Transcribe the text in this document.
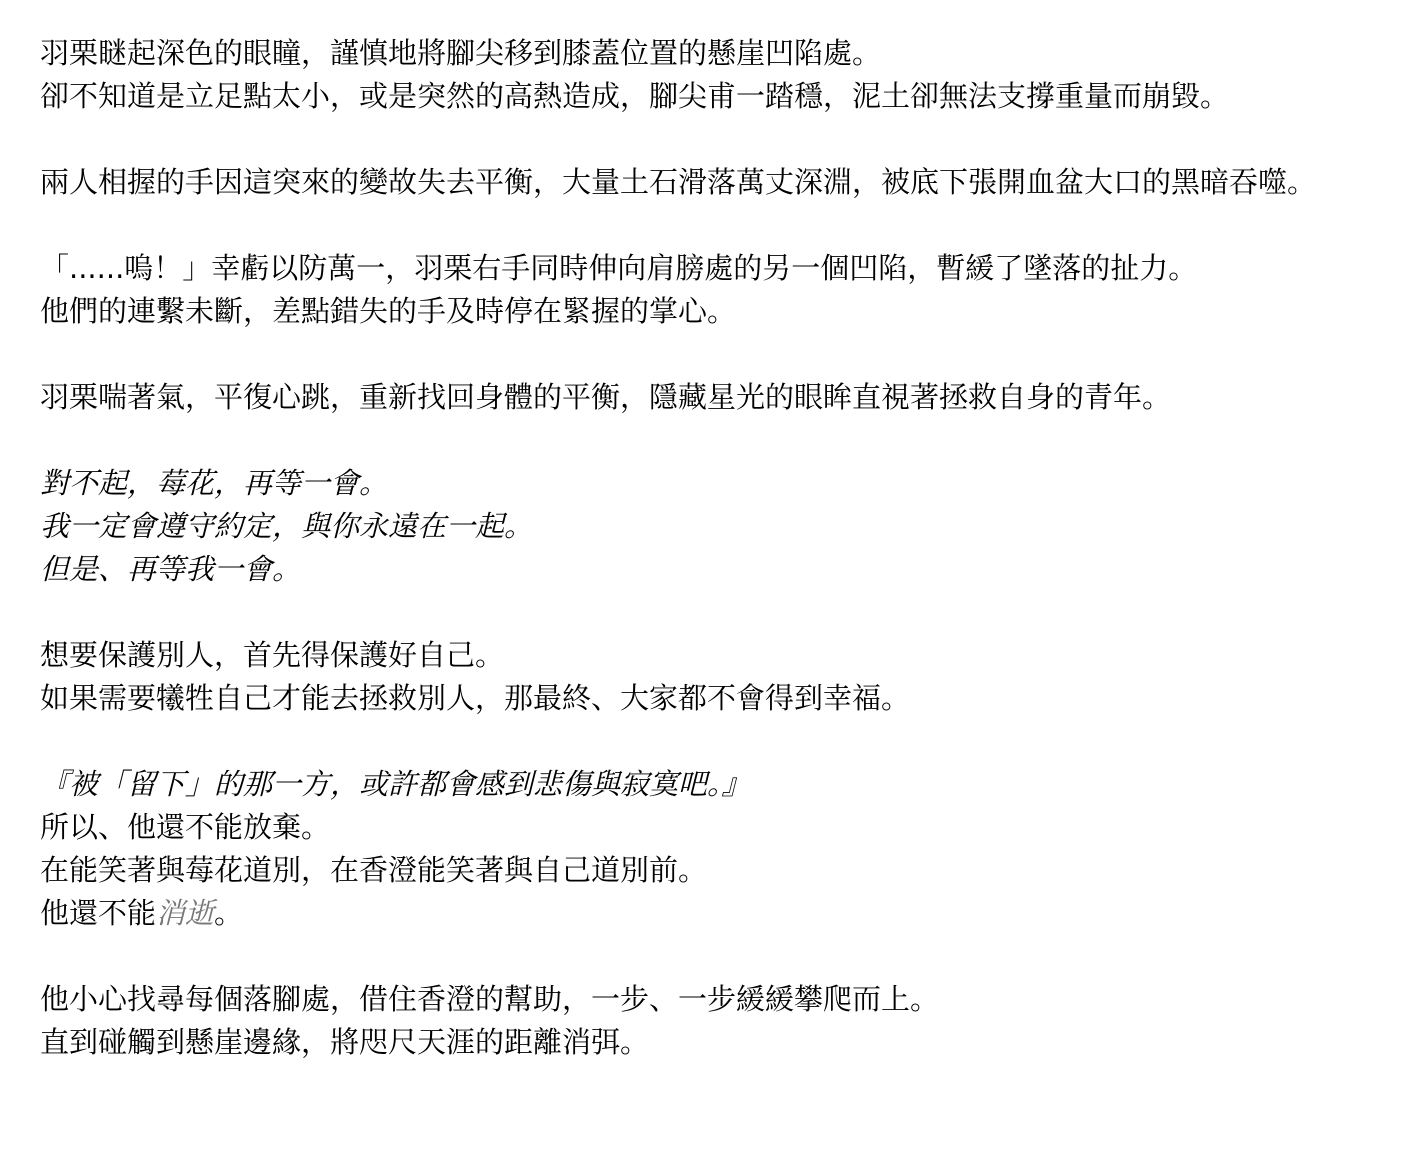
羽栗瞇起深色的眼瞳，謹慎地將腳尖移到膝蓋位置的懸崖凹陷處。
卻不知道是立足點太小，或是突然的高熱造成，腳尖甫一踏穩，泥土卻無法支撐重量而崩毀。
兩人相握的手因這突來的變故失去平衡，大量土石滑落萬丈深淵，被底下張開血盆大口的黑暗吞噬。
「......嗚！」幸虧以防萬一，羽栗右手同時伸向肩膀處的另一個凹陷，暫緩了墜落的扯力。
他們的連繫未斷，差點錯失的手及時停在緊握的掌心。
羽栗喘著氣，平復心跳，重新找回身體的平衡，隱藏星光的眼眸直視著拯救自身的青年。
對不起，莓花，再等一會。
我一定會遵守約定，與你永遠在一起。
但是、再等我一會。
想要保護別人，首先得保護好自己。
如果需要犧牲自己才能去拯救別人，那最終、大家都不會得到幸福。
『被「留下」的那一方，或許都會感到悲傷與寂寞吧。』
所以、他還不能放棄。
在能笑著與莓花道別，在香澄能笑著與自己道別前。
他還不能消逝。
他小心找尋每個落腳處，借住香澄的幫助，一步、一步緩緩攀爬而上。
直到碰觸到懸崖邊緣，將咫尺天涯的距離消弭。
